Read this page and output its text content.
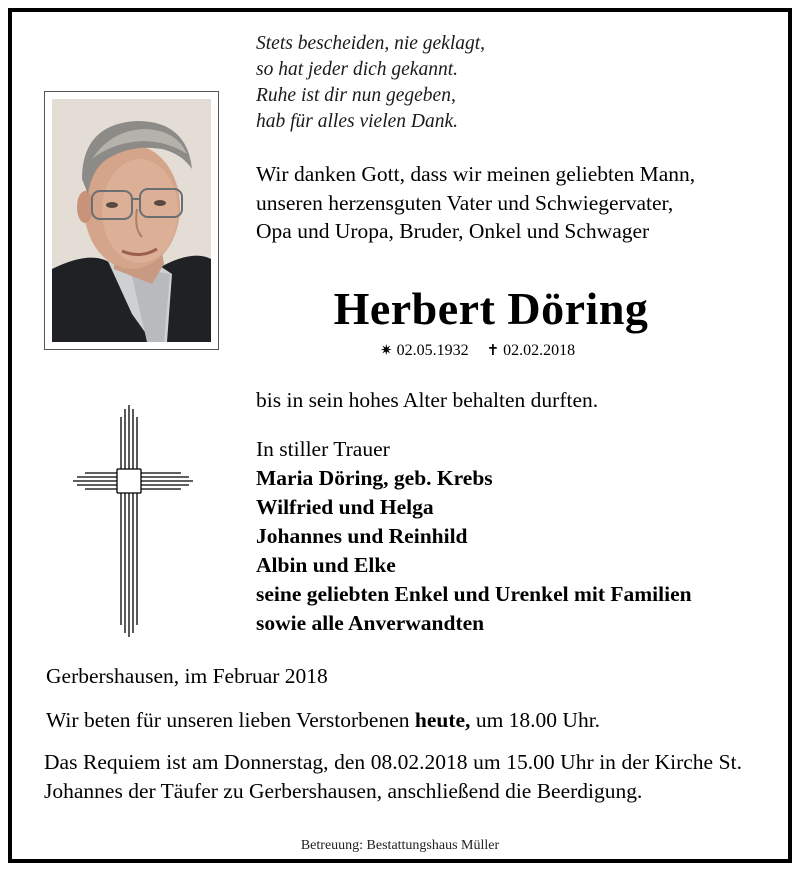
Stets bescheiden, nie geklagt,
so hat jeder dich gekannt.
Ruhe ist dir nun gegeben,
hab für alles vielen Dank.
Wir danken Gott, dass wir meinen geliebten Mann,
unseren herzensguten Vater und Schwiegervater,
Opa und Uropa, Bruder, Onkel und Schwager
Herbert Döring
✷ 02.05.1932 ✝ 02.02.2018
bis in sein hohes Alter behalten durften.
In stiller Trauer
Maria Döring, geb. Krebs
Wilfried und Helga
Johannes und Reinhild
Albin und Elke
seine geliebten Enkel und Urenkel mit Familien
sowie alle Anverwandten
Gerbershausen, im Februar 2018
Wir beten für unseren lieben Verstorbenen heute, um 18.00 Uhr.
Das Requiem ist am Donnerstag, den 08.02.2018 um 15.00 Uhr in der Kirche St. Johannes der Täufer zu Gerbershausen, anschließend die Beerdigung.
Betreuung: Bestattungshaus Müller
